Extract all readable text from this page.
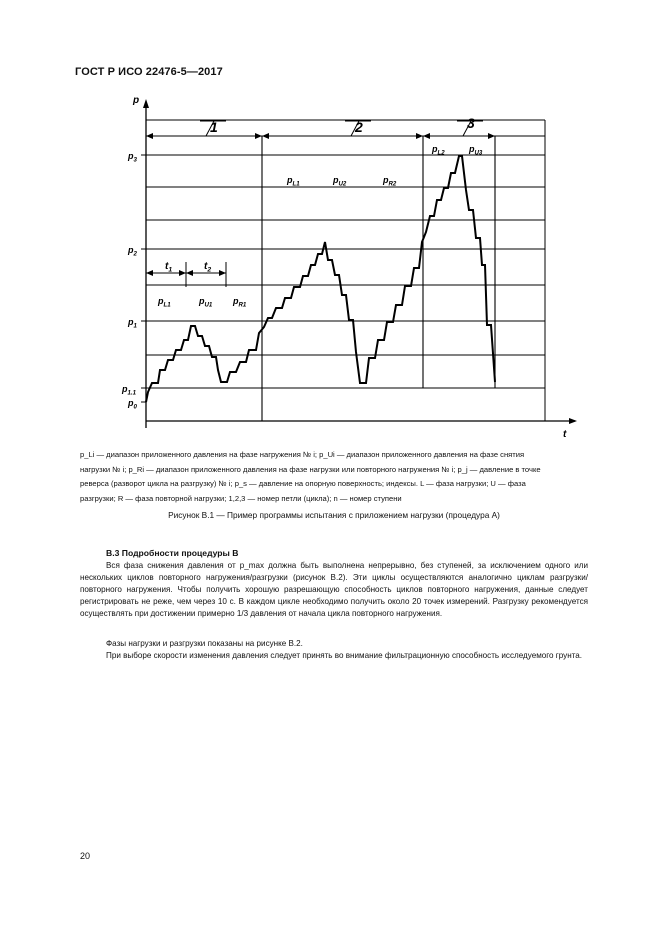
ГОСТ Р ИСО 22476-5—2017
p
t
$p_0$
$p_{1.1}$
$p_1$
$p_2$
$p_3$
1	2	3
$t_1$	$t_2$
$p_{L1}$	$p_{U1}$ $p_{R1}$
$p_{L1}$	$p_{U2}$	$p_{R2}$
$p_{L2}$	$p_{U3}$
p_Li — диапазон приложенного давления на фазе нагружения № i; p_Ui — диапазон приложенного давления на фазе снятия
нагрузки № i; p_Ri — диапазон приложенного давления на фазе нагрузки или повторного нагружения № i; p_j — давление в точке
реверса (разворот цикла на разгрузку) № i; p_s — давление на опорную поверхность; индексы. L — фаза нагрузки; U — фаза
разгрузки; R — фаза повторной нагрузки; 1,2,3 — номер петли (цикла); n — номер ступени
Рисунок В.1 — Пример программы испытания с приложением нагрузки (процедура А)
В.3 Подробности процедуры В
Вся фаза снижения давления от p_max должна быть выполнена непрерывно, без ступеней, за исключением одного или нескольких циклов повторного нагружения/разгрузки (рисунок В.2). Эти циклы осуществляются аналогично циклам разгрузки/повторного нагружения. Чтобы получить хорошую разрешающую способность циклов повторного нагружения, данные следует регистрировать не реже, чем через 10 с. В каждом цикле необходимо получить около 20 точек измерений. Разгрузку рекомендуется осуществлять при достижении примерно 1/3 давления от начала цикла повторного нагружения.
Фазы нагрузки и разгрузки показаны на рисунке В.2.
При выборе скорости изменения давления следует принять во внимание фильтрационную способность исследуемого грунта.
20
